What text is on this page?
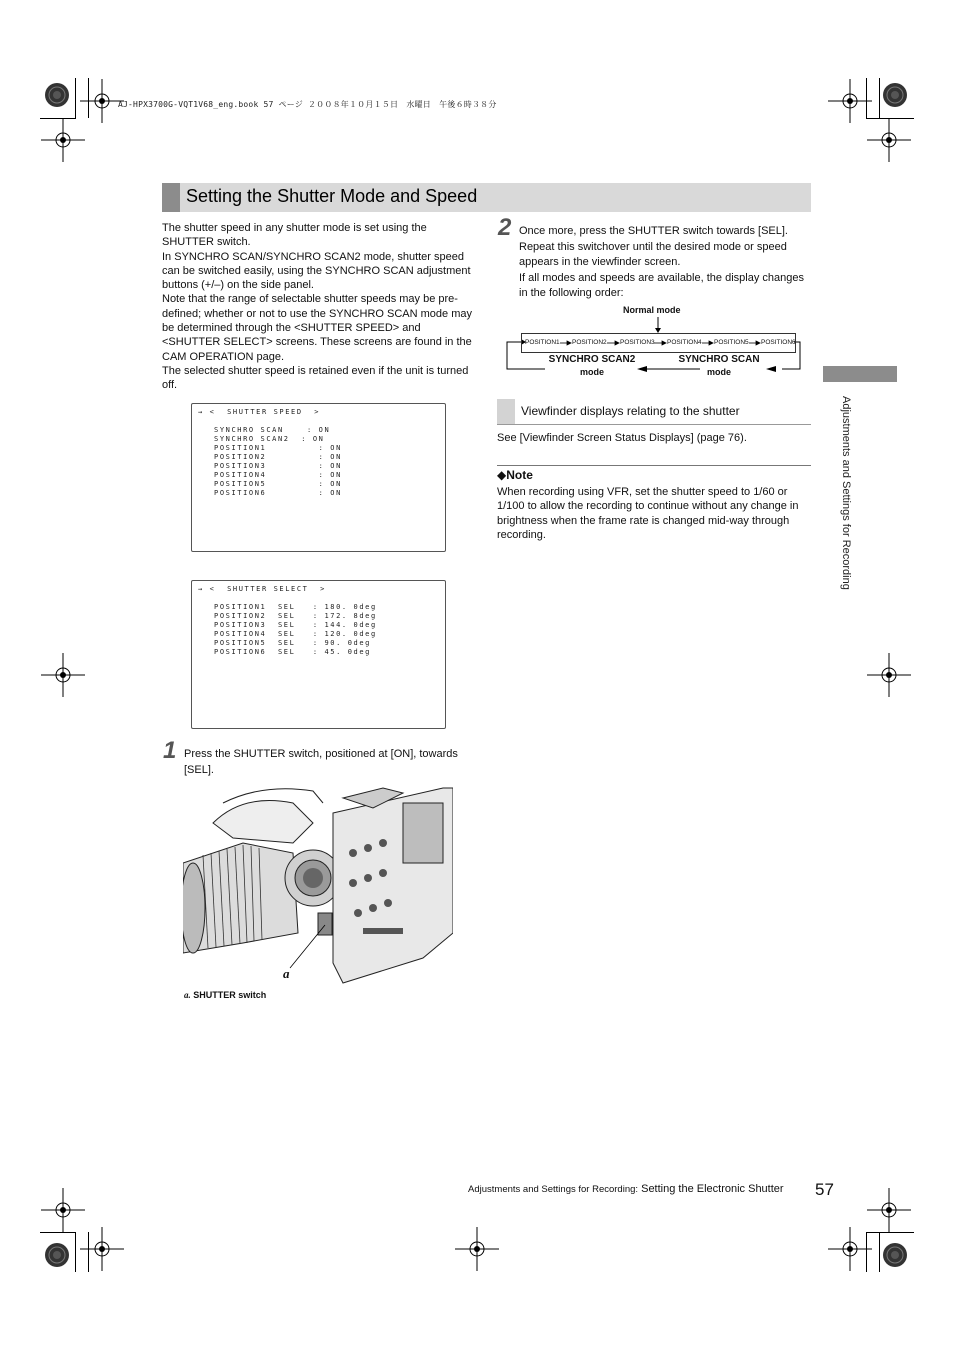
AJ-HPX3700G-VQT1V68_eng.book 57 ページ ２００８年１０月１５日　水曜日　午後６時３８分
Setting the Shutter Mode and Speed

The shutter speed in any shutter mode is set using the SHUTTER switch.

In SYNCHRO SCAN/SYNCHRO SCAN2 mode, shutter speed can be switched easily, using the SYNCHRO SCAN adjustment buttons (+/–) on the side panel.

Note that the range of selectable shutter speeds may be pre-defined; whether or not to use the SYNCHRO SCAN mode may be determined through the <SHUTTER SPEED> and <SHUTTER SELECT> screens. These screens are found in the CAM OPERATION page.

The selected shutter speed is retained even if the unit is turned off.

→ <  SHUTTER SPEED  >
SYNCHRO SCAN    : ON
SYNCHRO SCAN2  : ON
POSITION1         : ON
POSITION2         : ON
POSITION3         : ON
POSITION4         : ON
POSITION5         : ON
POSITION6         : ON
→ <  SHUTTER SELECT  >
POSITION1  SEL   : 180. 0deg
POSITION2  SEL   : 172. 8deg
POSITION3  SEL   : 144. 0deg
POSITION4  SEL   : 120. 0deg
POSITION5  SEL   : 90. 0deg
POSITION6  SEL   : 45. 0deg
1 Press the SHUTTER switch, positioned at [ON], towards [SEL].
a
a. SHUTTER switch
2 Once more, press the SHUTTER switch towards [SEL].

Repeat this switchover until the desired mode or speed appears in the viewfinder screen.

If all modes and speeds are available, the display changes in the following order:

Normal mode
POSITION1 POSITION2 POSITION3 POSITION4 POSITION5 POSITION6
SYNCHRO SCAN2
mode
SYNCHRO SCAN
mode
Viewfinder displays relating to the shutter
See [Viewfinder Screen Status Displays] (page 76).
◆Note
When recording using VFR, set the shutter speed to 1/60 or 1/100 to allow the recording to continue without any change in brightness when the frame rate is changed mid-way through recording.	Adjustments and Settings for Recording
Adjustments and Settings for Recording: Setting the Electronic Shutter 57
